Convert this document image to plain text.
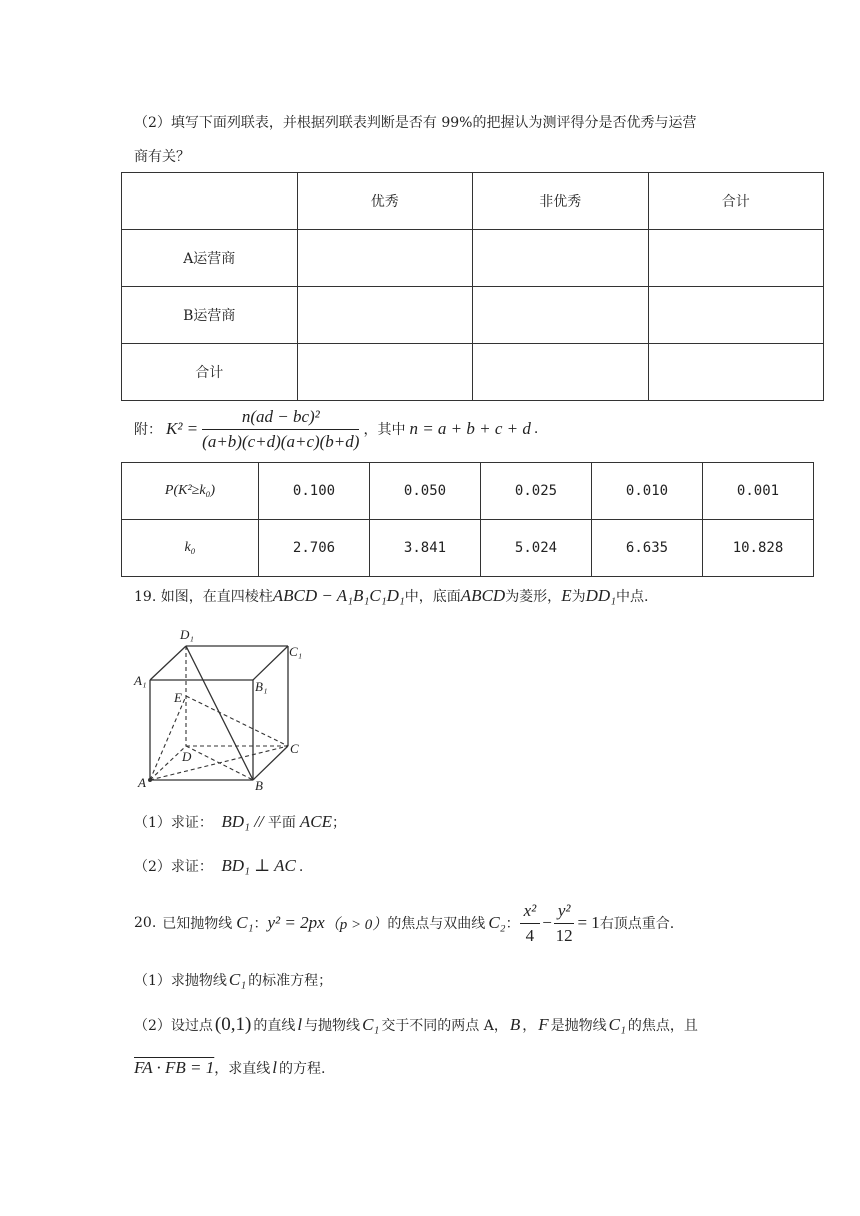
（2）填写下面列联表，并根据列联表判断是否有 99%的把握认为测评得分是否优秀与运营
商有关？
	优秀	非优秀	合计
A运营商			
B运营商			
合计			
附： $K^2 = \frac{\text{n(ad − bc)²}}{(a+b)(c+d)(a+c)(b+d)}$ ，其中 n = a + b + c + d .
P(K²≥k₀)	0.100	0.050	0.025	0.010	0.001
k₀	2.706	3.841	5.024	6.635	10.828
19. 如图，在直四棱柱ABCD − A₁B₁C₁D₁中，底面ABCD为菱形，E为DD₁中点.
D₁
C₁
A₁	B₁
E
D
C
A	B
（1）求证： BD₁ // 平面 ACE；
（2）求证： BD₁ ⊥ AC .
20. 已知抛物线 C₁ ： y² = 2px （p > 0） 的焦点与双曲线 C₂ ： $\frac{\text{x²}}{4} - \frac{\text{y²}}{12} = 1$ 右顶点重合.
（1）求抛物线 C₁ 的标准方程；
（2）设过点 (0,1) 的直线 l 与抛物线 C₁ 交于不同的两点 A， B ， F 是抛物线 C₁ 的焦点，且
FA · FB = 1，求直线 l 的方程.
